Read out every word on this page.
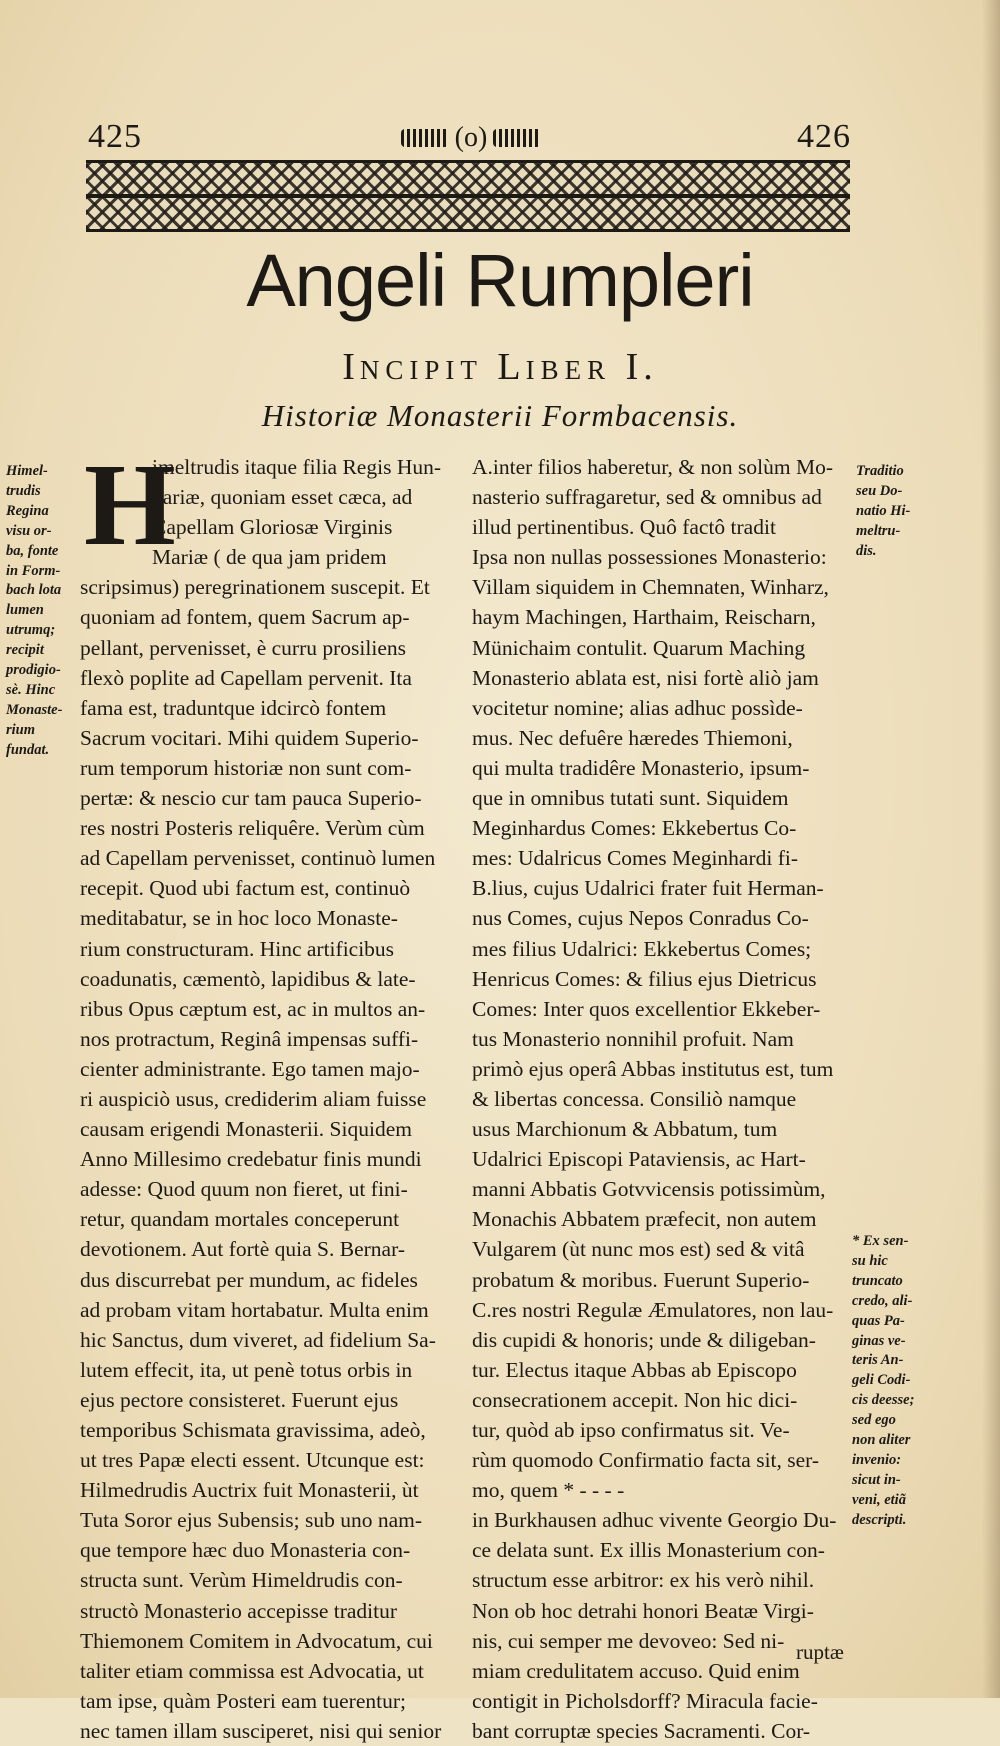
425	(o)	426
Angeli Rumpleri
INCIPIT LIBER I.
Historiæ Monasterii Formbacensis.
H
imeltrudis itaque filia Regis Hun-
gariæ, quoniam esset cæca, ad
Capellam Gloriosæ Virginis
Mariæ ( de qua jam pridem
scripsimus) peregrinationem suscepit. Et
quoniam ad fontem, quem Sacrum ap-
pellant, pervenisset, è curru prosiliens
flexò poplite ad Capellam pervenit. Ita
fama est, traduntque idcircò fontem
Sacrum vocitari. Mihi quidem Superio-
rum temporum historiæ non sunt com-
pertæ: & nescio cur tam pauca Superio-
res nostri Posteris reliquêre. Verùm cùm
ad Capellam pervenisset, continuò lumen
recepit. Quod ubi factum est, continuò
meditabatur, se in hoc loco Monaste-
rium constructuram. Hinc artificibus
coadunatis, cæmentò, lapidibus & late-
ribus Opus cæptum est, ac in multos an-
nos protractum, Reginâ impensas suffi-
cienter administrante. Ego tamen majo-
ri auspiciò usus, crediderim aliam fuisse
causam erigendi Monasterii. Siquidem
Anno Millesimo credebatur finis mundi
adesse: Quod quum non fieret, ut fini-
retur, quandam mortales conceperunt
devotionem. Aut fortè quia S. Bernar-
dus discurrebat per mundum, ac fideles
ad probam vitam hortabatur. Multa enim
hic Sanctus, dum viveret, ad fidelium Sa-
lutem effecit, ita, ut penè totus orbis in
ejus pectore consisteret. Fuerunt ejus
temporibus Schismata gravissima, adeò,
ut tres Papæ electi essent. Utcunque est:
Hilmedrudis Auctrix fuit Monasterii, ùt
Tuta Soror ejus Subensis; sub uno nam-
que tempore hæc duo Monasteria con-
structa sunt. Verùm Himeldrudis con-
structò Monasterio accepisse traditur
Thiemonem Comitem in Advocatum, cui
taliter etiam commissa est Advocatia, ut
tam ipse, quàm Posteri eam tuerentur;
nec tamen illam susciperet, nisi qui senior
A.inter filios haberetur, & non solùm Mo-
nasterio suffragaretur, sed & omnibus ad
illud pertinentibus. Quô factô tradit
Ipsa non nullas possessiones Monasterio:
Villam siquidem in Chemnaten, Winharz,
haym Machingen, Harthaim, Reischarn,
Münichaim contulit. Quarum Maching
Monasterio ablata est, nisi fortè aliò jam
vocitetur nomine; alias adhuc possìde-
mus. Nec defuêre hæredes Thiemoni,
qui multa tradidêre Monasterio, ipsum-
que in omnibus tutati sunt. Siquidem
Meginhardus Comes: Ekkebertus Co-
mes: Udalricus Comes Meginhardi fi-
B.lius, cujus Udalrici frater fuit Herman-
nus Comes, cujus Nepos Conradus Co-
mes filius Udalrici: Ekkebertus Comes;
Henricus Comes: & filius ejus Dietricus
Comes: Inter quos excellentior Ekkeber-
tus Monasterio nonnihil profuit. Nam
primò ejus operâ Abbas institutus est, tum
& libertas concessa. Consiliò namque
usus Marchionum & Abbatum, tum
Udalrici Episcopi Pataviensis, ac Hart-
manni Abbatis Gotvvicensis potissimùm,
Monachis Abbatem præfecit, non autem
Vulgarem (ùt nunc mos est) sed & vitâ
probatum & moribus. Fuerunt Superio-
C.res nostri Regulæ Æmulatores, non lau-
dis cupidi & honoris; unde & diligeban-
tur. Electus itaque Abbas ab Episcopo
consecrationem accepit. Non hic dici-
tur, quòd ab ipso confirmatus sit. Ve-
rùm quomodo Confirmatio facta sit, ser-
mo, quem * - - - -
in Burkhausen adhuc vivente Georgio Du-
ce delata sunt. Ex illis Monasterium con-
structum esse arbitror: ex his verò nihil.
Non ob hoc detrahi honori Beatæ Virgi-
nis, cui semper me devoveo: Sed ni-
miam credulitatem accuso. Quid enim
contigit in Picholsdorff? Miracula facie-
bant corruptæ species Sacramenti. Cor-
Himel-
trudis
Regina
visu or-
ba, fonte
in Form-
bach lota
lumen
utrumq;
recipit
prodigio-
sè. Hinc
Monaste-
rium
fundat.
Traditio
seu Do-
natio Hi-
meltru-
dis.
* Ex sen-
su hic
truncato
credo, ali-
quas Pa-
ginas ve-
teris An-
geli Codi-
cis deesse;
sed ego
non aliter
invenio:
sicut in-
veni, etiã
descripti.
ruptæ
